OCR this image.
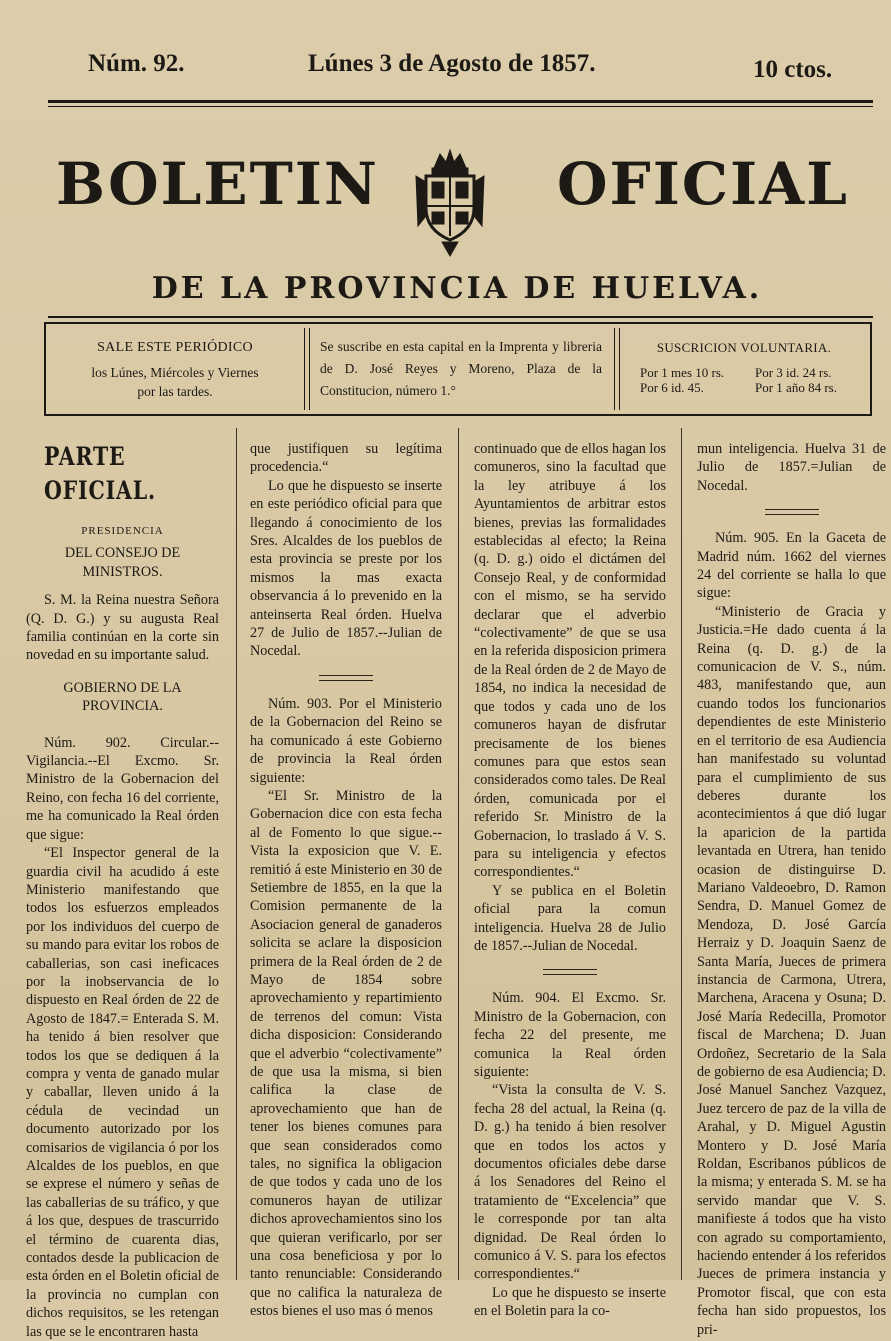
Núm. 92.	Lúnes 3 de Agosto de 1857.	10 ctos.
BOLETIN	OFICIAL
DE LA PROVINCIA DE HUELVA.
SALE ESTE PERIÓDICO
los Lúnes, Miércoles y Viernes
por las tardes.
Se suscribe en esta capital en la Imprenta y libreria de D. José Reyes y Moreno, Plaza de la Constitucion, número 1.°
SUSCRICION VOLUNTARIA.
Por 1 mes 10 rs.	Por 3 id. 24 rs.
Por 6 id. 45.	Por 1 año 84 rs.
PARTE OFICIAL.

PRESIDENCIA

DEL CONSEJO DE MINISTROS.

S. M. la Reina nuestra Señora (Q. D. G.) y su augusta Real familia continúan en la corte sin novedad en su importante salud.

GOBIERNO DE LA PROVINCIA.

Núm. 902. Circular.--Vigilancia.--El Excmo. Sr. Ministro de la Gobernacion del Reino, con fecha 16 del corriente, me ha comunicado la Real órden que sigue:

“El Inspector general de la guardia civil ha acudido á este Ministerio manifestando que todos los esfuerzos empleados por los individuos del cuerpo de su mando para evitar los robos de caballerias, son casi ineficaces por la inobservancia de lo dispuesto en Real órden de 22 de Agosto de 1847.= Enterada S. M. ha tenido á bien resolver que todos los que se dediquen á la compra y venta de ganado mular y caballar, lleven unido á la cédula de vecindad un documento autorizado por los comisarios de vigilancia ó por los Alcaldes de los pueblos, en que se exprese el número y señas de las caballerias de su tráfico, y que á los que, despues de trascurrido el término de cuarenta dias, contados desde la publicacion de esta órden en el Boletin oficial de la provincia no cumplan con dichos requisitos, se les retengan las que se le encontraren hasta

que justifiquen su legítima procedencia.“

Lo que he dispuesto se inserte en este periódico oficial para que llegando á conocimiento de los Sres. Alcaldes de los pueblos de esta provincia se preste por los mismos la mas exacta observancia á lo prevenido en la anteinserta Real órden. Huelva 27 de Julio de 1857.--Julian de Nocedal.

Núm. 903. Por el Ministerio de la Gobernacion del Reino se ha comunicado á este Gobierno de provincia la Real órden siguiente:

“El Sr. Ministro de la Gobernacion dice con esta fecha al de Fomento lo que sigue.-- Vista la exposicion que V. E. remitió á este Ministerio en 30 de Setiembre de 1855, en la que la Comision permanente de la Asociacion general de ganaderos solicita se aclare la disposicion primera de la Real órden de 2 de Mayo de 1854 sobre aprovechamiento y repartimiento de terrenos del comun: Vista dicha disposicion: Considerando que el adverbio “colectivamente” de que usa la misma, si bien califica la clase de aprovechamiento que han de tener los bienes comunes para que sean considerados como tales, no significa la obligacion de que todos y cada uno de los comuneros hayan de utilizar dichos aprovechamientos sino los que quieran verificarlo, por ser una cosa beneficiosa y por lo tanto renunciable: Considerando que no califica la naturaleza de estos bienes el uso mas ó menos

continuado que de ellos hagan los comuneros, sino la facultad que la ley atribuye á los Ayuntamientos de arbitrar estos bienes, previas las formalidades establecidas al efecto; la Reina (q. D. g.) oido el dictámen del Consejo Real, y de conformidad con el mismo, se ha servido declarar que el adverbio “colectivamente” de que se usa en la referida disposicion primera de la Real órden de 2 de Mayo de 1854, no indica la necesidad de que todos y cada uno de los comuneros hayan de disfrutar precisamente de los bienes comunes para que estos sean considerados como tales. De Real órden, comunicada por el referido Sr. Ministro de la Gobernacion, lo traslado á V. S. para su inteligencia y efectos correspondientes.“

Y se publica en el Boletin oficial para la comun inteligencia. Huelva 28 de Julio de 1857.--Julian de Nocedal.

Núm. 904. El Excmo. Sr. Ministro de la Gobernacion, con fecha 22 del presente, me comunica la Real órden siguiente:

“Vista la consulta de V. S. fecha 28 del actual, la Reina (q. D. g.) ha tenido á bien resolver que en todos los actos y documentos oficiales debe darse á los Senadores del Reino el tratamiento de “Excelencia” que le corresponde por tan alta dignidad. De Real órden lo comunico á V. S. para los efectos correspondientes.“

Lo que he dispuesto se inserte en el Boletin para la co-

mun inteligencia. Huelva 31 de Julio de 1857.=Julian de Nocedal.

Núm. 905. En la Gaceta de Madrid núm. 1662 del viernes 24 del corriente se halla lo que sigue:

“Ministerio de Gracia y Justicia.=He dado cuenta á la Reina (q. D. g.) de la comunicacion de V. S., núm. 483, manifestando que, aun cuando todos los funcionarios dependientes de este Ministerio en el territorio de esa Audiencia han manifestado su voluntad para el cumplimiento de sus deberes durante los acontecimientos á que dió lugar la aparicion de la partida levantada en Utrera, han tenido ocasion de distinguirse D. Mariano Valdeoebro, D. Ramon Sendra, D. Manuel Gomez de Mendoza, D. José García Herraiz y D. Joaquin Saenz de Santa María, Jueces de primera instancia de Carmona, Utrera, Marchena, Aracena y Osuna; D. José María Redecilla, Promotor fiscal de Marchena; D. Juan Ordoñez, Secretario de la Sala de gobierno de esa Audiencia; D. José Manuel Sanchez Vazquez, Juez tercero de paz de la villa de Arahal, y D. Miguel Agustin Montero y D. José María Roldan, Escribanos públicos de la misma; y enterada S. M. se ha servido mandar que V. S. manifieste á todos que ha visto con agrado su comportamiento, haciendo entender á los referidos Jueces de primera instancia y Promotor fiscal, que con esta fecha han sido propuestos, los pri-
